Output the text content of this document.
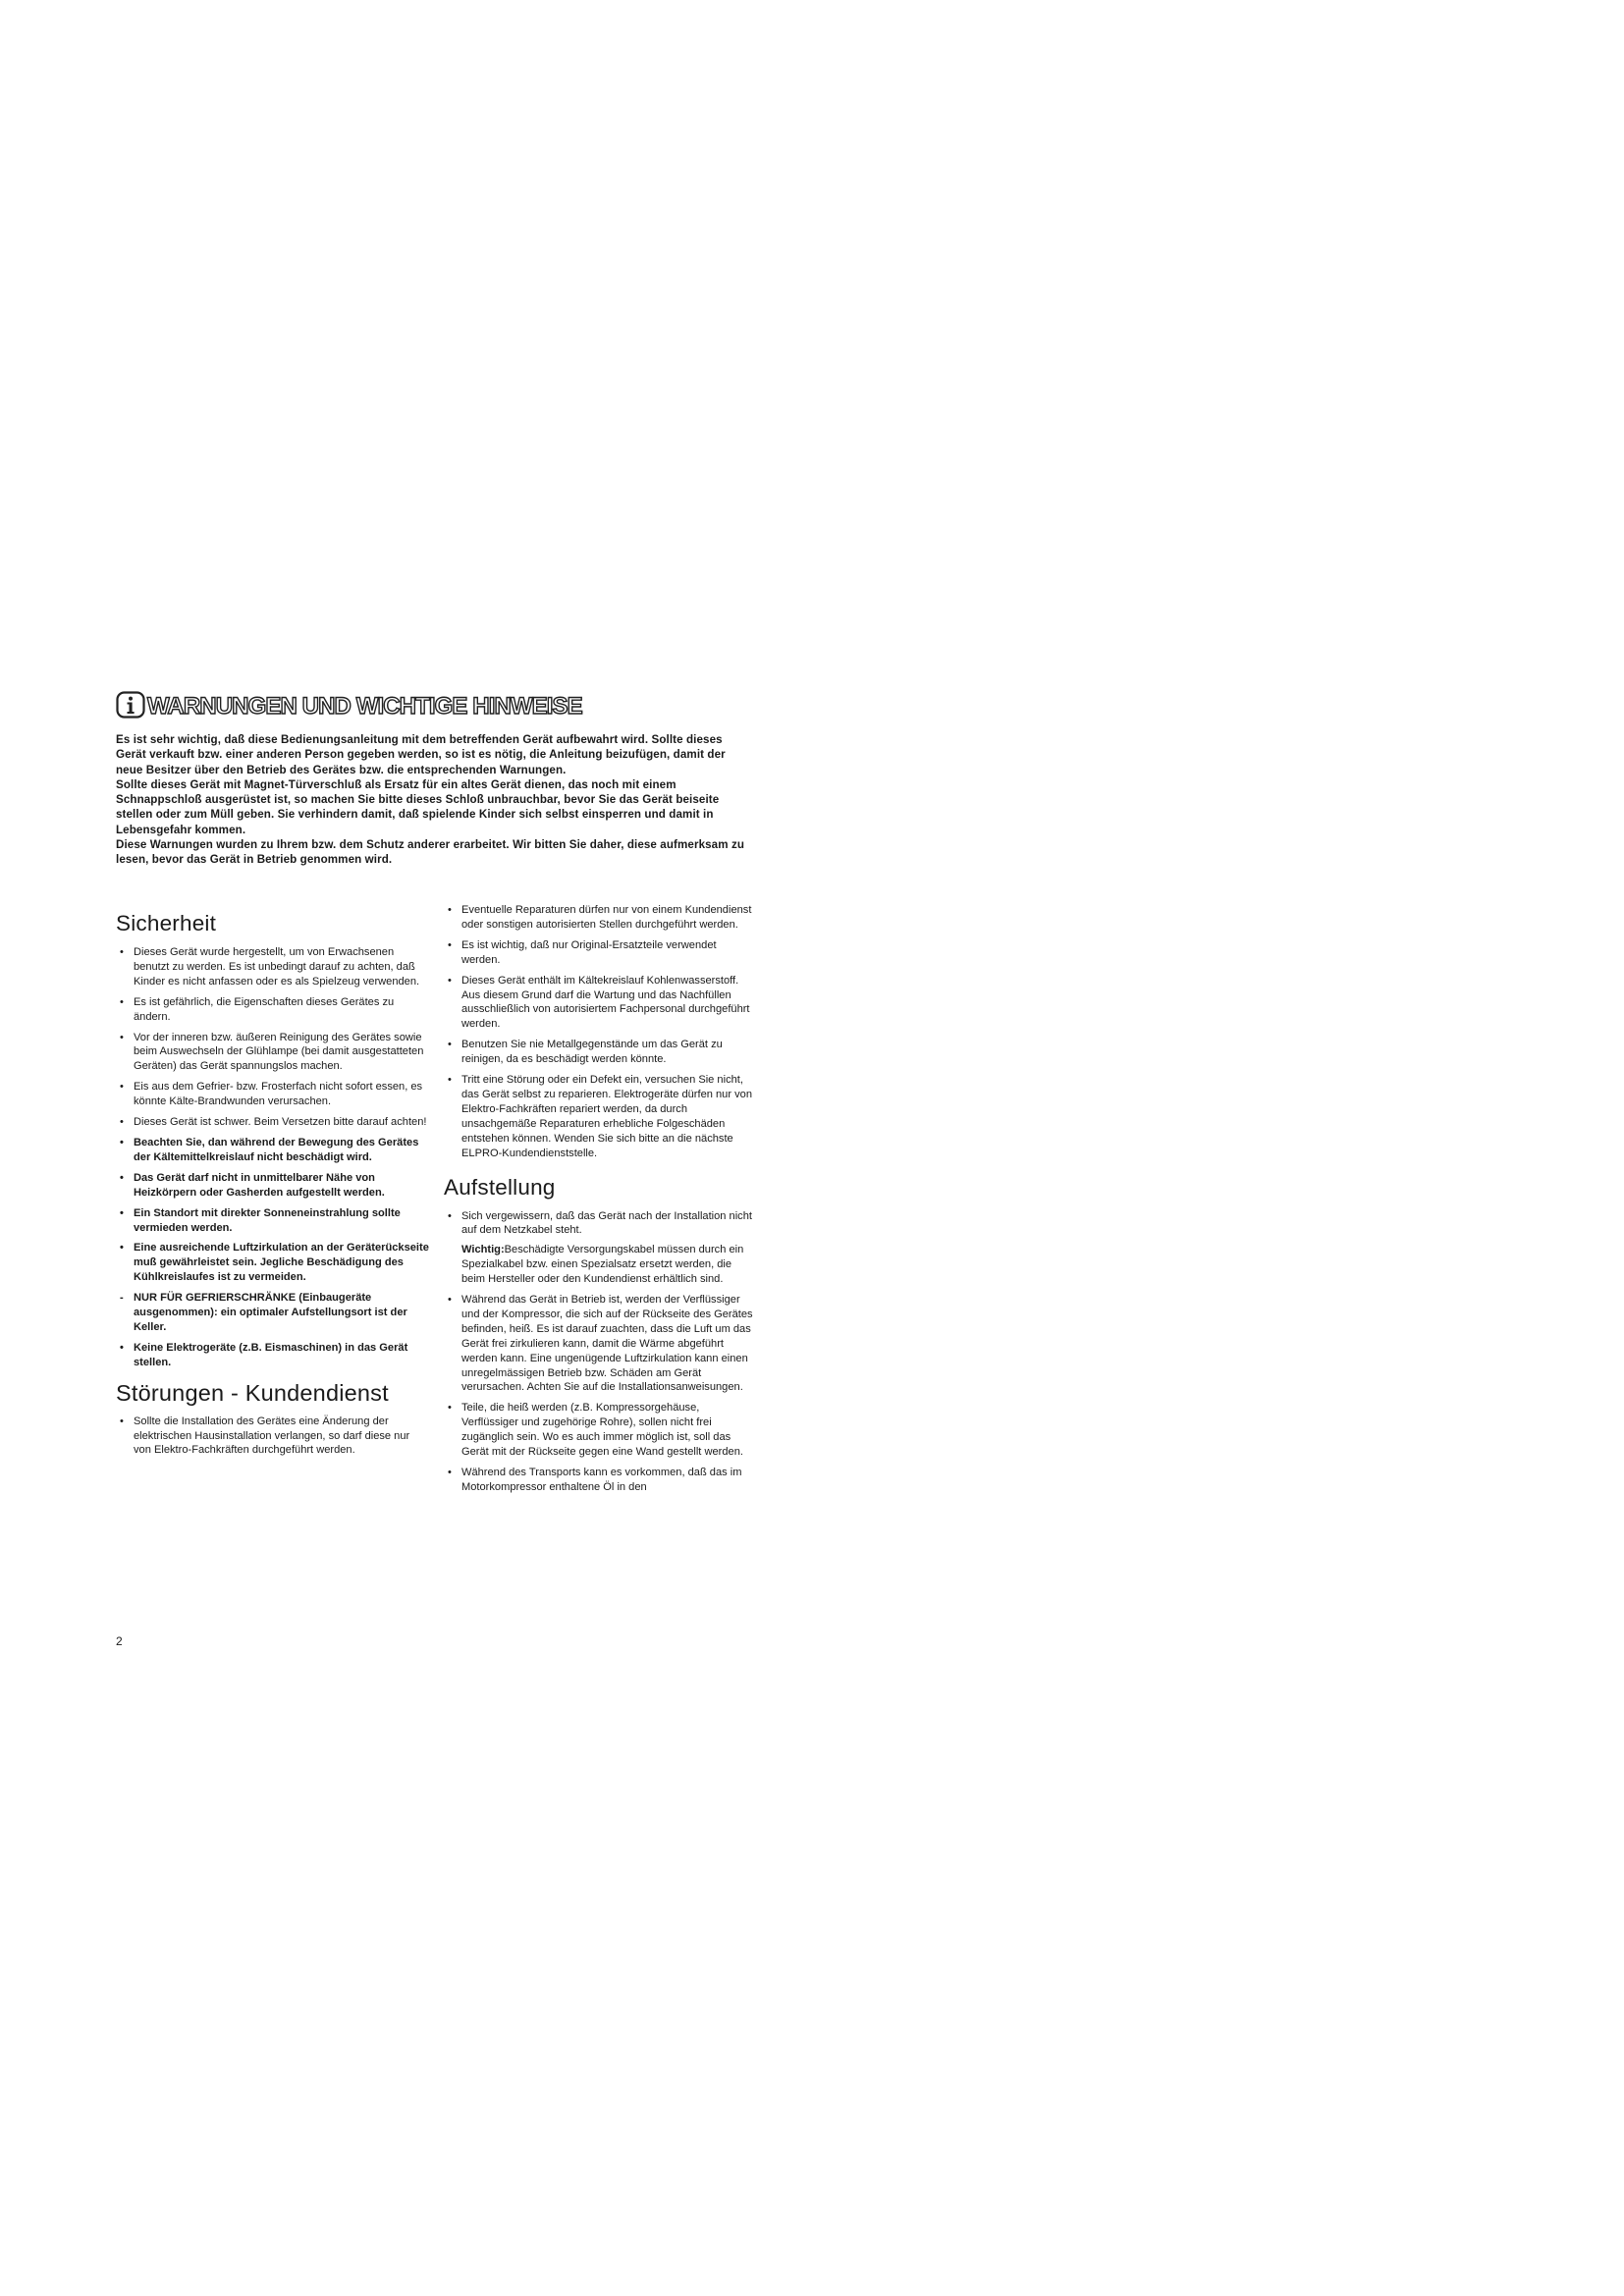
WARNUNGEN UND WICHTIGE HINWEISE

Es ist sehr wichtig, daß diese Bedienungsanleitung mit dem betreffenden Gerät aufbewahrt wird. Sollte dieses Gerät verkauft bzw. einer anderen Person gegeben werden, so ist es nötig, die Anleitung beizufügen, damit der neue Besitzer über den Betrieb des Gerätes bzw. die entsprechenden Warnungen.
Sollte dieses Gerät mit Magnet-Türverschluß als Ersatz für ein altes Gerät dienen, das noch mit einem Schnappschloß ausgerüstet ist, so machen Sie bitte dieses Schloß unbrauchbar, bevor Sie das Gerät beiseite stellen oder zum Müll geben. Sie verhindern damit, daß spielende Kinder sich selbst einsperren und damit in Lebensgefahr kommen.
Diese Warnungen wurden zu Ihrem bzw. dem Schutz anderer erarbeitet. Wir bitten Sie daher, diese aufmerksam zu lesen, bevor das Gerät in Betrieb genommen wird.

Sicherheit
• Dieses Gerät wurde hergestellt, um von Erwachsenen benutzt zu werden. Es ist unbedingt darauf zu achten, daß Kinder es nicht anfassen oder es als Spielzeug verwenden.
• Es ist gefährlich, die Eigenschaften dieses Gerätes zu ändern.
• Vor der inneren bzw. äußeren Reinigung des Gerätes sowie beim Auswechseln der Glühlampe (bei damit ausgestatteten Geräten) das Gerät spannungslos machen.
• Eis aus dem Gefrier- bzw. Frosterfach nicht sofort essen, es könnte Kälte-Brandwunden verursachen.
• Dieses Gerät ist schwer. Beim Versetzen bitte darauf achten!
• Beachten Sie, dan während der Bewegung des Gerätes der Kältemittelkreislauf nicht beschädigt wird.
• Das Gerät darf nicht in unmittelbarer Nähe von Heizkörpern oder Gasherden aufgestellt werden.
• Ein Standort mit direkter Sonneneinstrahlung sollte vermieden werden.
• Eine ausreichende Luftzirkulation an der Geräterückseite muß gewährleistet sein. Jegliche Beschädigung des Kühlkreislaufes ist zu vermeiden.
- NUR FÜR GEFRIERSCHRÄNKE (Einbaugeräte ausgenommen): ein optimaler Aufstellungsort ist der Keller.
• Keine Elektrogeräte (z.B. Eismaschinen) in das Gerät stellen.
Störungen - Kundendienst
• Sollte die Installation des Gerätes eine Änderung der elektrischen Hausinstallation verlangen, so darf diese nur von Elektro-Fachkräften durchgeführt werden.
• Eventuelle Reparaturen dürfen nur von einem Kundendienst oder sonstigen autorisierten Stellen durchgeführt werden.
• Es ist wichtig, daß nur Original-Ersatzteile verwendet werden.
• Dieses Gerät enthält im Kältekreislauf Kohlenwasserstoff. Aus diesem Grund darf die Wartung und das Nachfüllen ausschließlich von autorisiertem Fachpersonal durchgeführt werden.
• Benutzen Sie nie Metallgegenstände um das Gerät zu reinigen, da es beschädigt werden könnte.
• Tritt eine Störung oder ein Defekt ein, versuchen Sie nicht, das Gerät selbst zu reparieren. Elektrogeräte dürfen nur von Elektro-Fachkräften repariert werden, da durch unsachgemäße Reparaturen erhebliche Folgeschäden entstehen können. Wenden Sie sich bitte an die nächste ELPRO-Kundendienststelle.
Aufstellung
• Sich vergewissern, daß das Gerät nach der Installation nicht auf dem Netzkabel steht.
Wichtig:Beschädigte Versorgungskabel müssen durch ein Spezialkabel bzw. einen Spezialsatz ersetzt werden, die beim Hersteller oder den Kundendienst erhältlich sind.
• Während das Gerät in Betrieb ist, werden der Verflüssiger und der Kompressor, die sich auf der Rückseite des Gerätes befinden, heiß. Es ist darauf zuachten, dass die Luft um das Gerät frei zirkulieren kann, damit die Wärme abgeführt werden kann. Eine ungenügende Luftzirkulation kann einen unregelmässigen Betrieb bzw. Schäden am Gerät verursachen. Achten Sie auf die Installationsanweisungen.
• Teile, die heiß werden (z.B. Kompressorgehäuse, Verflüssiger und zugehörige Rohre), sollen nicht frei zugänglich sein. Wo es auch immer möglich ist, soll das Gerät mit der Rückseite gegen eine Wand gestellt werden.
• Während des Transports kann es vorkommen, daß das im Motorkompressor enthaltene Öl in den
2
